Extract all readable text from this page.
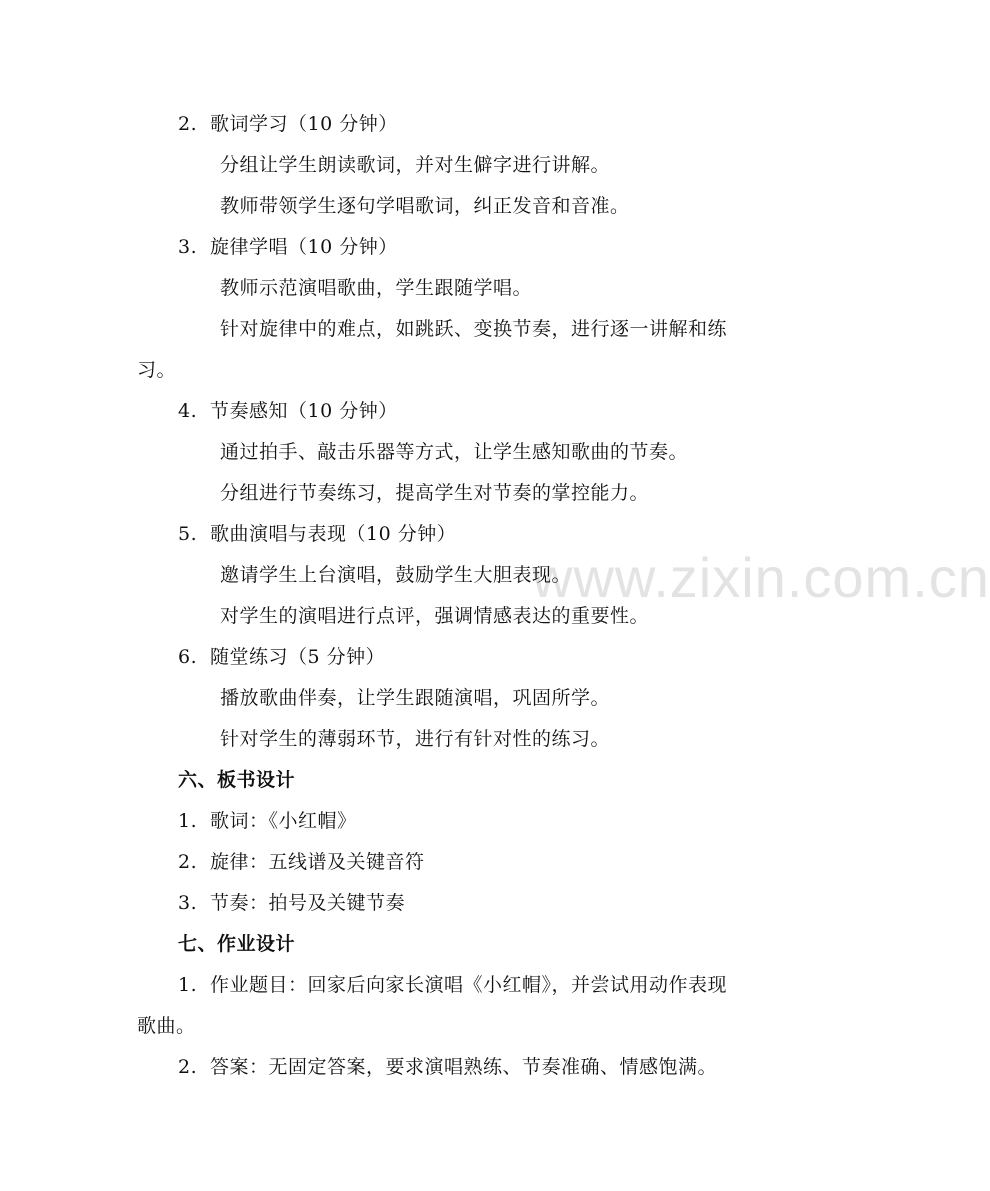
www.zixin.com.cn
2. 歌词学习（10 分钟）
分组让学生朗读歌词，并对生僻字进行讲解。
教师带领学生逐句学唱歌词，纠正发音和音准。
3. 旋律学唱（10 分钟）
教师示范演唱歌曲，学生跟随学唱。
针对旋律中的难点，如跳跃、变换节奏，进行逐一讲解和练
习。
4. 节奏感知（10 分钟）
通过拍手、敲击乐器等方式，让学生感知歌曲的节奏。
分组进行节奏练习，提高学生对节奏的掌控能力。
5. 歌曲演唱与表现（10 分钟）
邀请学生上台演唱，鼓励学生大胆表现。
对学生的演唱进行点评，强调情感表达的重要性。
6. 随堂练习（5 分钟）
播放歌曲伴奏，让学生跟随演唱，巩固所学。
针对学生的薄弱环节，进行有针对性的练习。
六、板书设计
1. 歌词：《小红帽》
2. 旋律：五线谱及关键音符
3. 节奏：拍号及关键节奏
七、作业设计
1. 作业题目：回家后向家长演唱《小红帽》，并尝试用动作表现
歌曲。
2. 答案：无固定答案，要求演唱熟练、节奏准确、情感饱满。
